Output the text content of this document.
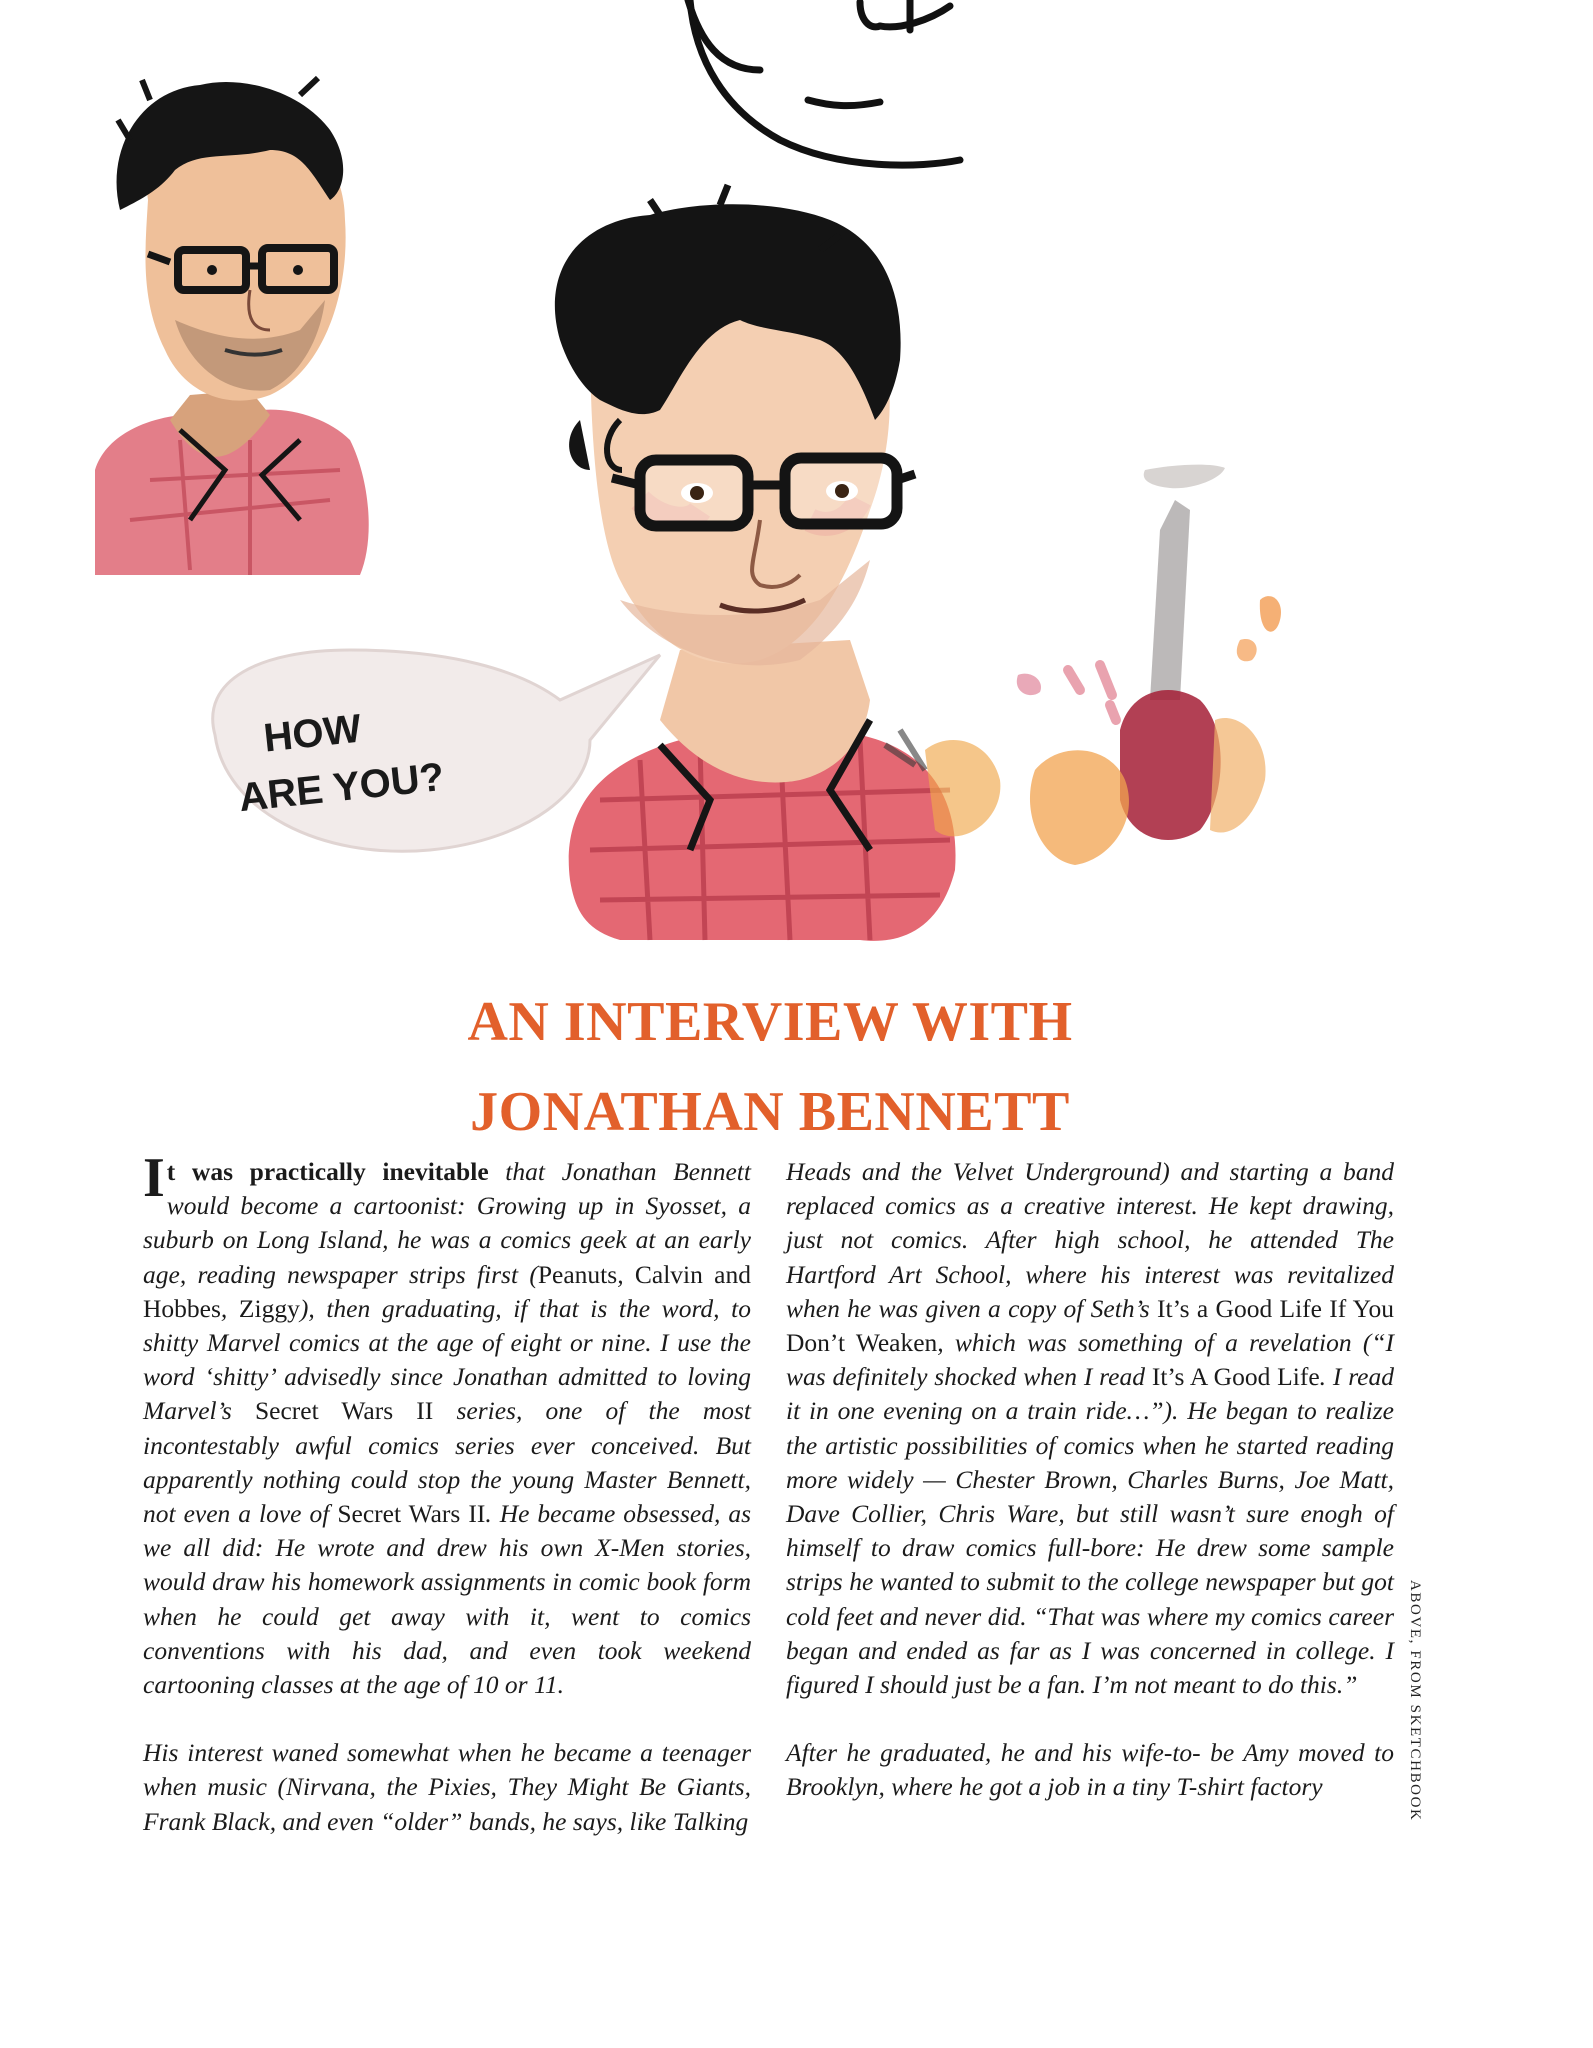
HOW
ARE YOU?
AN INTERVIEW WITH
JONATHAN BENNETT

It was practically inevitable that Jonathan Bennett would become a cartoonist: Growing up in Syosset, a suburb on Long Island, he was a comics geek at an early age, reading newspaper strips first (Peanuts, Calvin and Hobbes, Ziggy), then graduating, if that is the word, to shitty Marvel comics at the age of eight or nine. I use the word ‘shitty’ advisedly since Jonathan admitted to loving Marvel’s Secret Wars II series, one of the most incontestably awful comics series ever conceived. But apparently nothing could stop the young Master Bennett, not even a love of Secret Wars II. He became obsessed, as we all did: He wrote and drew his own X-Men stories, would draw his homework assignments in comic book form when he could get away with it, went to comics conventions with his dad, and even took weekend cartooning classes at the age of 10 or 11.

His interest waned somewhat when he became a teenager when music (Nirvana, the Pixies, They Might Be Giants, Frank Black, and even “older” bands, he says, like Talking

Heads and the Velvet Underground) and starting a band replaced comics as a creative interest. He kept drawing, just not comics. After high school, he attended The Hartford Art School, where his interest was revitalized when he was given a copy of Seth’s It’s a Good Life If You Don’t Weaken, which was something of a revelation (“I was definitely shocked when I read It’s A Good Life. I read it in one evening on a train ride…”). He began to realize the artistic possibilities of comics when he started reading more widely — Chester Brown, Charles Burns, Joe Matt, Dave Collier, Chris Ware, but still wasn’t sure enogh of himself to draw comics full-bore: He drew some sample strips he wanted to submit to the college newspaper but got cold feet and never did. “That was where my comics career began and ended as far as I was concerned in college. I figured I should just be a fan. I’m not meant to do this.”

After he graduated, he and his wife-to- be Amy moved to Brooklyn, where he got a job in a tiny T-shirt factory	ABOVE, FROM SKETCHBOOK
